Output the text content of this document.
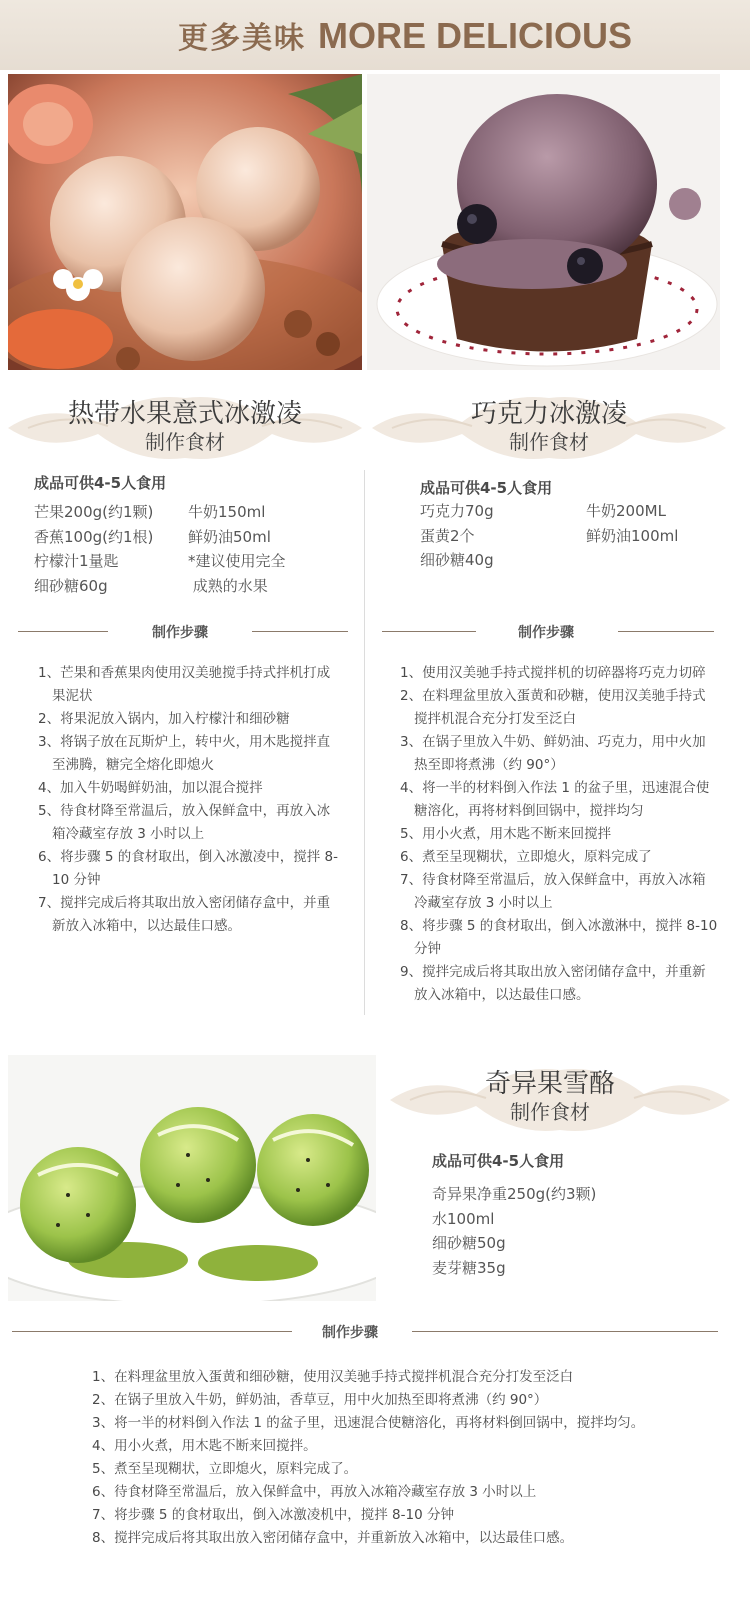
更多美味 MORE DELICIOUS
热带水果意式冰激凌
制作食材
巧克力冰激凌
制作食材
成品可供4-5人食用
芒果200g(约1颗)
香蕉100g(约1根)
柠檬汁1量匙
细砂糖60g
牛奶150ml
鲜奶油50ml
*建议使用完全
成熟的水果
成品可供4-5人食用
巧克力70g
蛋黄2个
细砂糖40g
牛奶200ML
鲜奶油100ml
制作步骤	制作步骤
1、芒果和香蕉果肉使用汉美驰搅手持式拌机打成果泥状
2、将果泥放入锅内，加入柠檬汁和细砂糖
3、将锅子放在瓦斯炉上，转中火，用木匙搅拌直至沸腾，糖完全熔化即熄火
4、加入牛奶喝鲜奶油，加以混合搅拌
5、待食材降至常温后，放入保鲜盒中，再放入冰箱冷藏室存放 3 小时以上
6、将步骤 5 的食材取出，倒入冰激凌中，搅拌 8-10 分钟
7、搅拌完成后将其取出放入密闭储存盒中，并重新放入冰箱中，以达最佳口感。
1、使用汉美驰手持式搅拌机的切碎器将巧克力切碎
2、在料理盆里放入蛋黄和砂糖，使用汉美驰手持式搅拌机混合充分打发至泛白
3、在锅子里放入牛奶、鲜奶油、巧克力，用中火加热至即将煮沸（约 90°）
4、将一半的材料倒入作法 1 的盆子里，迅速混合使糖溶化，再将材料倒回锅中，搅拌均匀
5、用小火煮，用木匙不断来回搅拌
6、煮至呈现糊状，立即熄火，原料完成了
7、待食材降至常温后，放入保鲜盒中，再放入冰箱冷藏室存放 3 小时以上
8、将步骤 5 的食材取出，倒入冰激淋中，搅拌 8-10 分钟
9、搅拌完成后将其取出放入密闭储存盒中，并重新放入冰箱中，以达最佳口感。
奇异果雪酪
制作食材
成品可供4-5人食用
奇异果净重250g(约3颗)
水100ml
细砂糖50g
麦芽糖35g
制作步骤
1、在料理盆里放入蛋黄和细砂糖，使用汉美驰手持式搅拌机混合充分打发至泛白
2、在锅子里放入牛奶，鲜奶油，香草豆，用中火加热至即将煮沸（约 90°）
3、将一半的材料倒入作法 1 的盆子里，迅速混合使糖溶化，再将材料倒回锅中，搅拌均匀。
4、用小火煮，用木匙不断来回搅拌。
5、煮至呈现糊状，立即熄火，原料完成了。
6、待食材降至常温后，放入保鲜盒中，再放入冰箱冷藏室存放 3 小时以上
7、将步骤 5 的食材取出，倒入冰激凌机中，搅拌 8-10 分钟
8、搅拌完成后将其取出放入密闭储存盒中，并重新放入冰箱中，以达最佳口感。
